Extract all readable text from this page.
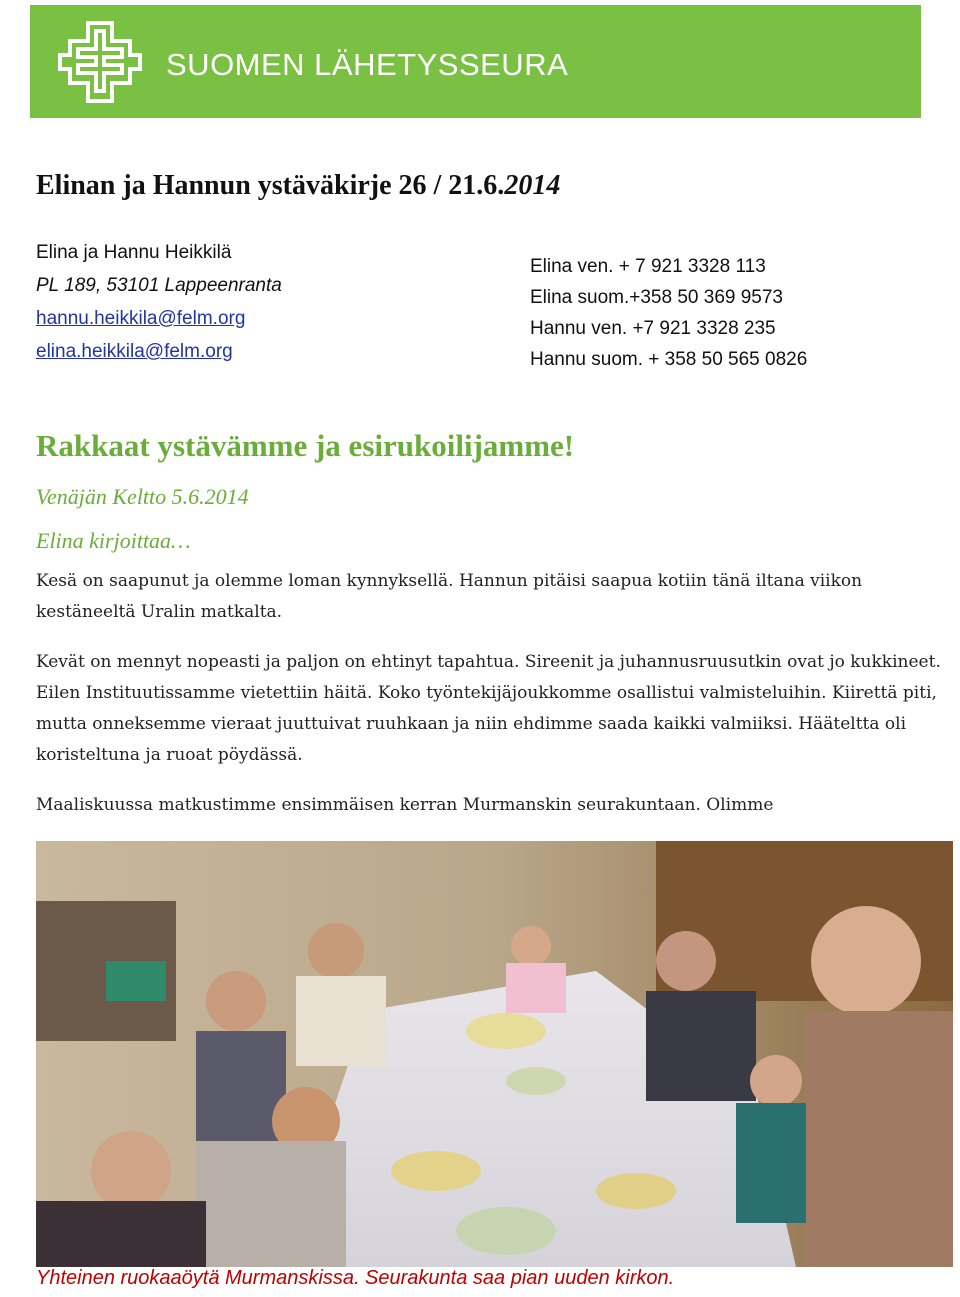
SUOMEN LÄHETYSSEURA
Elinan ja Hannun ystäväkirje 26 / 21.6.2014
Elina ja Hannu Heikkilä
PL 189, 53101 Lappeenranta
hannu.heikkila@felm.org
elina.heikkila@felm.org
Elina ven. + 7 921 3328 113
Elina suom.+358 50 369 9573
Hannu ven. +7 921 3328 235
Hannu suom. + 358 50 565 0826
Rakkaat ystävämme ja esirukoilijamme!
Venäjän Keltto 5.6.2014
Elina kirjoittaa…
Kesä on saapunut ja olemme loman kynnyksellä. Hannun pitäisi saapua kotiin tänä iltana viikon kestäneeltä Uralin matkalta.
Kevät on mennyt nopeasti ja paljon on ehtinyt tapahtua. Sireenit ja juhannusruusutkin ovat jo kukkineet. Eilen Instituutissamme vietettiin häitä. Koko työntekijäjoukkomme osallistui valmisteluihin. Kiirettä piti, mutta onneksemme vieraat juuttuivat ruuhkaan ja niin ehdimme saada kaikki valmiiksi. Hääteltta oli koristeltuna ja ruoat pöydässä.
Maaliskuussa matkustimme ensimmäisen kerran Murmanskin seurakuntaan. Olimme
Yhteinen ruokaaöytä Murmanskissa. Seurakunta saa pian uuden kirkon.
